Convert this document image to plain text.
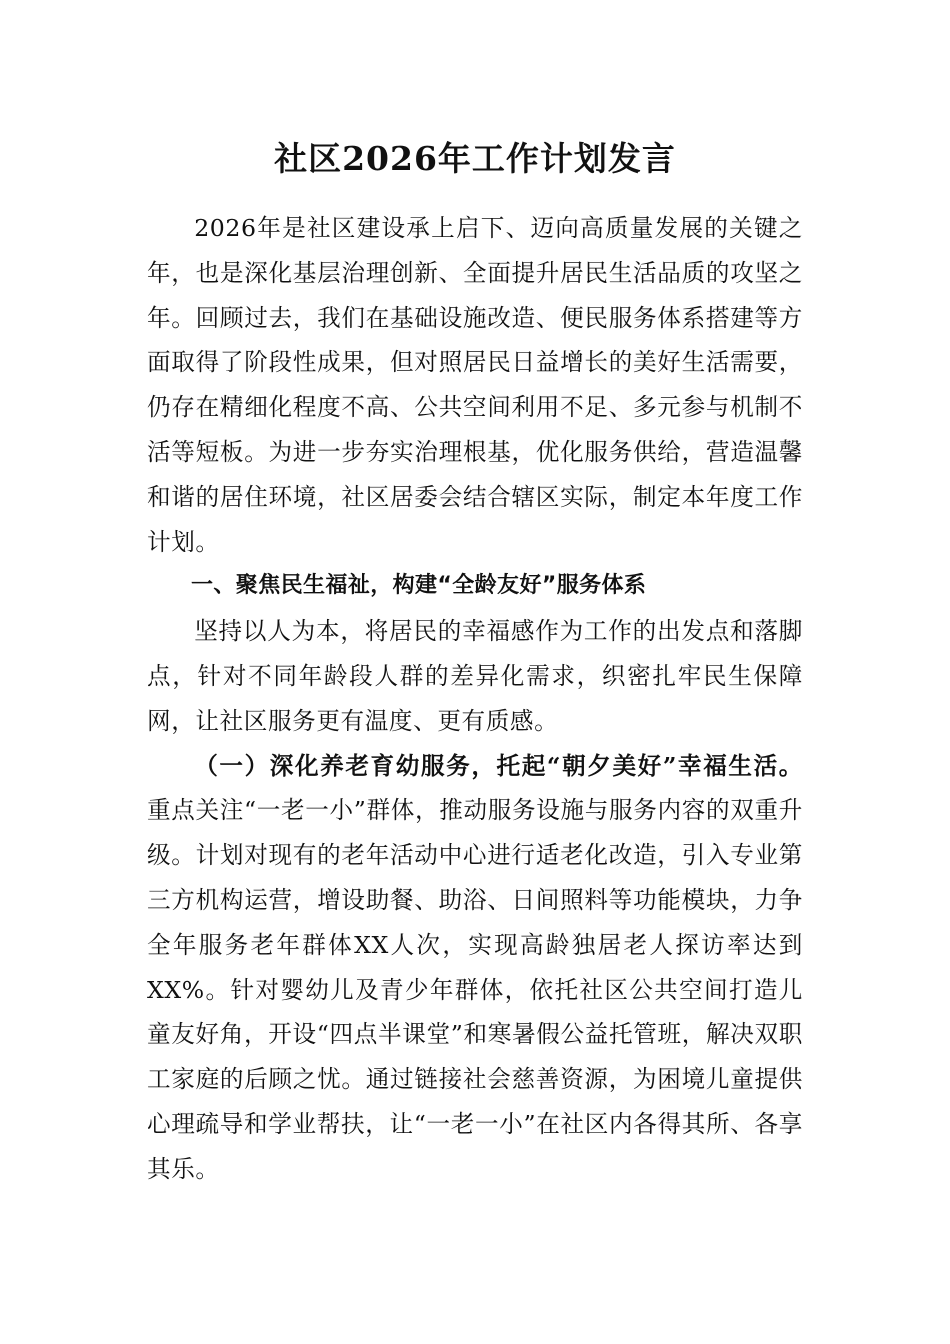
社区2026年工作计划发言

2026年是社区建设承上启下、迈向高质量发展的关键之年，也是深化基层治理创新、全面提升居民生活品质的攻坚之年。回顾过去，我们在基础设施改造、便民服务体系搭建等方面取得了阶段性成果，但对照居民日益增长的美好生活需要，仍存在精细化程度不高、公共空间利用不足、多元参与机制不活等短板。为进一步夯实治理根基，优化服务供给，营造温馨和谐的居住环境，社区居委会结合辖区实际，制定本年度工作计划。

一、聚焦民生福祉，构建“全龄友好”服务体系

坚持以人为本，将居民的幸福感作为工作的出发点和落脚点，针对不同年龄段人群的差异化需求，织密扎牢民生保障网，让社区服务更有温度、更有质感。

（一）深化养老育幼服务，托起“朝夕美好”幸福生活。重点关注“一老一小”群体，推动服务设施与服务内容的双重升级。计划对现有的老年活动中心进行适老化改造，引入专业第三方机构运营，增设助餐、助浴、日间照料等功能模块，力争全年服务老年群体XX人次，实现高龄独居老人探访率达到XX%。针对婴幼儿及青少年群体，依托社区公共空间打造儿童友好角，开设“四点半课堂”和寒暑假公益托管班，解决双职工家庭的后顾之忧。通过链接社会慈善资源，为困境儿童提供心理疏导和学业帮扶，让“一老一小”在社区内各得其所、各享其乐。
